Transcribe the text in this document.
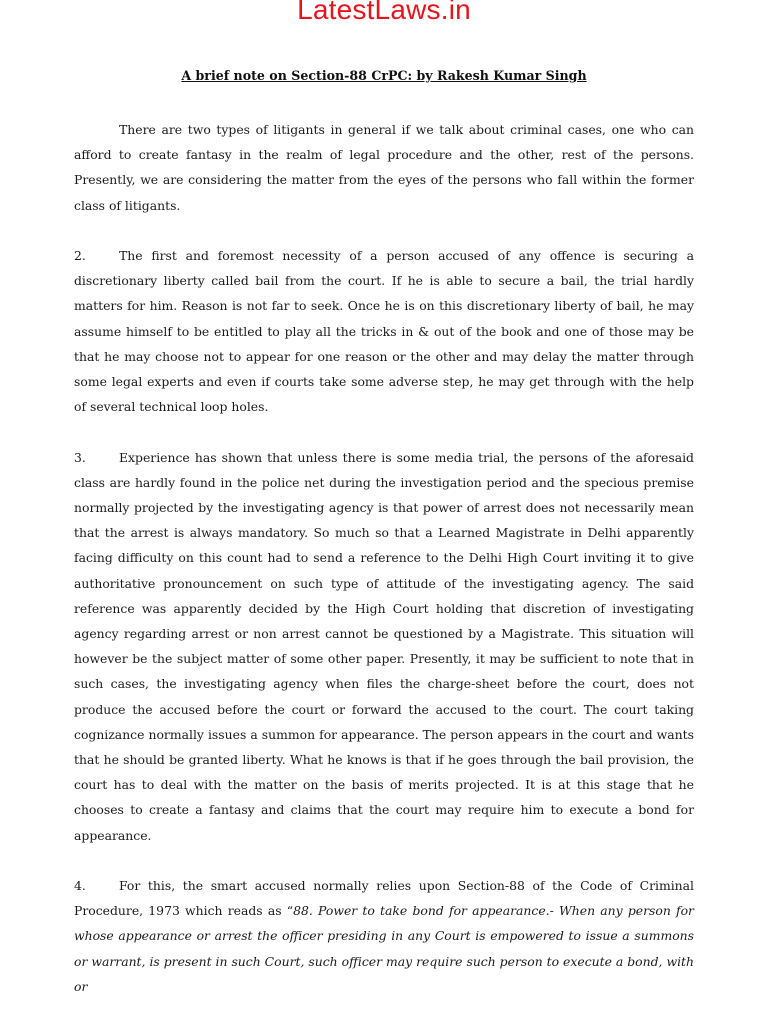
LatestLaws.in
A brief note on Section-88 CrPC: by Rakesh Kumar Singh

There are two types of litigants in general if we talk about criminal cases, one who can afford to create fantasy in the realm of legal procedure and the other, rest of the persons. Presently, we are considering the matter from the eyes of the persons who fall within the former class of litigants.

2.	The first and foremost necessity of a person accused of any offence is securing a discretionary liberty called bail from the court. If he is able to secure a bail, the trial hardly matters for him. Reason is not far to seek. Once he is on this discretionary liberty of bail, he may assume himself to be entitled to play all the tricks in & out of the book and one of those may be that he may choose not to appear for one reason or the other and may delay the matter through some legal experts and even if courts take some adverse step, he may get through with the help of several technical loop holes.

3.	Experience has shown that unless there is some media trial, the persons of the aforesaid class are hardly found in the police net during the investigation period and the specious premise normally projected by the investigating agency is that power of arrest does not necessarily mean that the arrest is always mandatory. So much so that a Learned Magistrate in Delhi apparently facing difficulty on this count had to send a reference to the Delhi High Court inviting it to give authoritative pronouncement on such type of attitude of the investigating agency. The said reference was apparently decided by the High Court holding that discretion of investigating agency regarding arrest or non arrest cannot be questioned by a Magistrate. This situation will however be the subject matter of some other paper. Presently, it may be sufficient to note that in such cases, the investigating agency when files the charge-sheet before the court, does not produce the accused before the court or forward the accused to the court. The court taking cognizance normally issues a summon for appearance. The person appears in the court and wants that he should be granted liberty. What he knows is that if he goes through the bail provision, the court has to deal with the matter on the basis of merits projected. It is at this stage that he chooses to create a fantasy and claims that the court may require him to execute a bond for appearance.

4.	For this, the smart accused normally relies upon Section-88 of the Code of Criminal Procedure, 1973 which reads as “88. Power to take bond for appearance.- When any person for whose appearance or arrest the officer presiding in any Court is empowered to issue a summons or warrant, is present in such Court, such officer may require such person to execute a bond, with or
